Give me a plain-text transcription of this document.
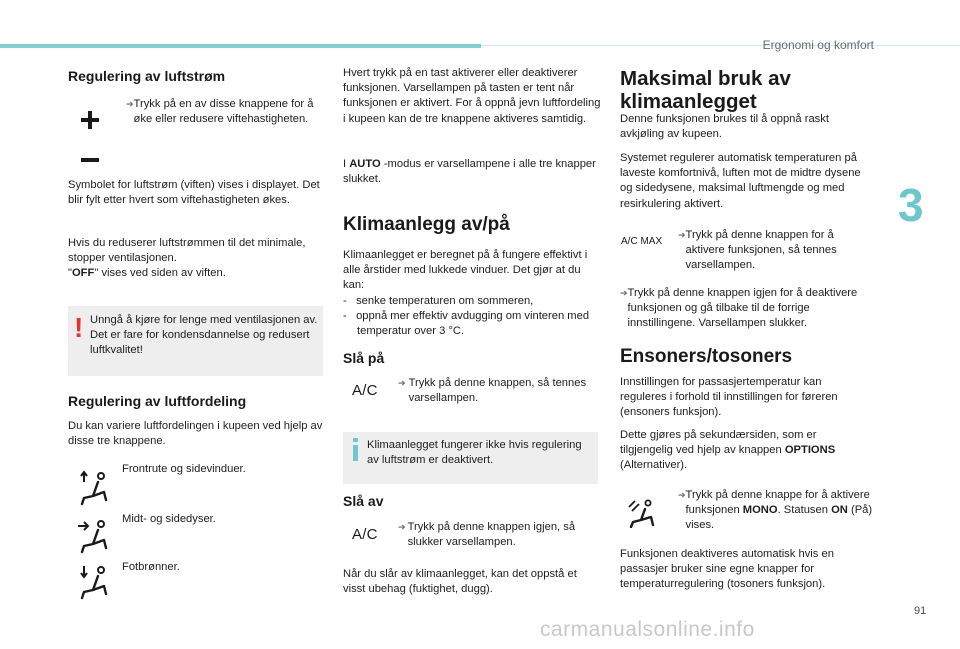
Ergonomi og komfort
3
Regulering av luftstrøm
➔ Trykk på en av disse knappene for å øke eller redusere viftehastigheten.

Symbolet for luftstrøm (viften) vises i displayet. Det blir fylt etter hvert som viftehastigheten økes.

Hvis du reduserer luftstrømmen til det minimale, stopper ventilasjonen.
"OFF" vises ved siden av viften.

! Unngå å kjøre for lenge med ventilasjonen av. Det er fare for kondensdannelse og redusert luftkvalitet!

Regulering av luftfordeling

Du kan variere luftfordelingen i kupeen ved hjelp av disse tre knappene.

Frontrute og sidevinduer.

Midt- og sidedyser.

Fotbrønner.

Hvert trykk på en tast aktiverer eller deaktiverer funksjonen. Varsellampen på tasten er tent når funksjonen er aktivert. For å oppnå jevn luftfordeling i kupeen kan de tre knappene aktiveres samtidig.

I AUTO -modus er varsellampene i alle tre knapper slukket.

Klimaanlegg av/på

Klimaanlegget er beregnet på å fungere effektivt i alle årstider med lukkede vinduer. Det gjør at du kan:

-   senke temperaturen om sommeren,
-   oppnå mer effektiv avdugging om vinteren med temperatur over 3 °C.
Slå på
A/C ➔ Trykk på denne knappen, så tennes varsellampen.

Klimaanlegget fungerer ikke hvis regulering av luftstrøm er deaktivert.

Slå av
A/C ➔ Trykk på denne knappen igjen, så slukker varsellampen.

Når du slår av klimaanlegget, kan det oppstå et visst ubehag (fuktighet, dugg).

Maksimal bruk av klimaanlegget

Denne funksjonen brukes til å oppnå raskt avkjøling av kupeen.

Systemet regulerer automatisk temperaturen på laveste komfortnivå, luften mot de midtre dysene og sidedysene, maksimal luftmengde og med resirkulering aktivert.

A/C MAX
➔ Trykk på denne knappen for å aktivere funksjonen, så tennes varsellampen.
➔ Trykk på denne knappen igjen for å deaktivere funksjonen og gå tilbake til de forrige innstillingene. Varsellampen slukker.
Ensoners/tosoners

Innstillingen for passasjertemperatur kan reguleres i forhold til innstillingen for føreren (ensoners funksjon).

Dette gjøres på sekundærsiden, som er tilgjengelig ved hjelp av knappen OPTIONS (Alternativer).

➔ Trykk på denne knappe for å aktivere funksjonen MONO. Statusen ON (På) vises.

Funksjonen deaktiveres automatisk hvis en passasjer bruker sine egne knapper for temperaturregulering (tosoners funksjon).

91
carmanualsonline.info
